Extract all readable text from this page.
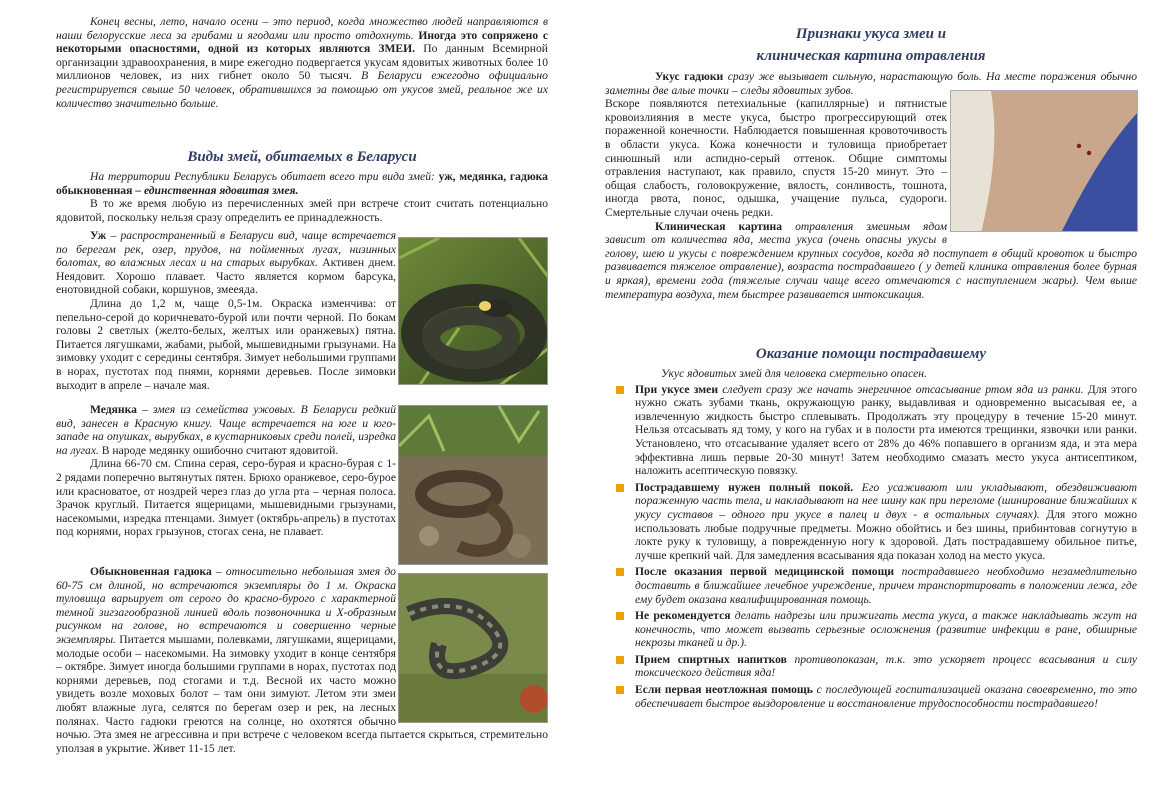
Конец весны, лето, начало осени – это период, когда множество людей направляются в наши белорусские леса за грибами и ягодами или просто отдохнуть. Иногда это сопряжено с некоторыми опасностями, одной из которых являются ЗМЕИ. По данным Всемирной организации здравоохранения, в мире ежегодно подвергается укусам ядовитых животных более 10 миллионов человек, из них гибнет около 50 тысяч. В Беларуси ежегодно официально регистрируется свыше 50 человек, обратившихся за помощью от укусов змей, реальное же их количество значительно больше.

Виды змей, обитаемых в Беларуси

На территории Республики Беларусь обитает всего три вида змей: уж, медянка, гадюка обыкновенная – единственная ядовитая змея.

В то же время любую из перечисленных змей при встрече стоит считать потенциально ядовитой, поскольку нельзя сразу определить ее принадлежность.

Уж – распространенный в Беларуси вид, чаще встречается по берегам рек, озер, прудов, на пойменных лугах, низинных болотах, во влажных лесах и на старых вырубках. Активен днем. Неядовит. Хорошо плавает. Часто является кормом барсука, енотовидной собаки, коршунов, змееяда.

Длина до 1,2 м, чаще 0,5-1м. Окраска изменчива: от пепельно-серой до коричневато-бурой или почти черной. По бокам головы 2 светлых (желто-белых, желтых или оранжевых) пятна. Питается лягушками, жабами, рыбой, мышевидными грызунами. На зимовку уходит с середины сентября. Зимует небольшими группами в норах, пустотах под пнями, корнями деревьев. После зимовки выходит в апреле – начале мая.

Медянка – змея из семейства ужовых. В Беларуси редкий вид, занесен в Красную книгу. Чаще встречается на юге и юго-западе на опушках, вырубках, в кустарниковых среди полей, изредка на лугах. В народе медянку ошибочно считают ядовитой.

Длина 66-70 см. Спина серая, серо-бурая и красно-бурая с 1-2 рядами поперечно вытянутых пятен. Брюхо оранжевое, серо-бурое или красноватое, от ноздрей через глаз до угла рта – черная полоса. Зрачок круглый. Питается ящерицами, мышевидными грызунами, насекомыми, изредка птенцами. Зимует (октябрь-апрель) в пустотах под корнями, норах грызунов, стогах сена, не плавает.

Обыкновенная гадюка – относительно небольшая змея до 60-75 см длиной, но встречаются экземпляры до 1 м. Окраска туловища варьирует от серого до красно-бурого с характерной темной зигзагообразной линией вдоль позвоночника и Х-образным рисунком на голове, но встречаются и совершенно черные экземпляры. Питается мышами, полевками, лягушками, ящерицами, молодые особи – насекомыми. На зимовку уходит в конце сентября – октябре. Зимует иногда большими группами в норах, пустотах под корнями деревьев, под стогами и т.д. Весной их часто можно увидеть возле моховых болот – там они зимуют. Летом эти змеи любят влажные луга, селятся по берегам озер и рек, на лесных полянах. Часто гадюки греются на солнце, но охотятся обычно ночью. Эта змея не агрессивна и при встрече с человеком всегда пытается скрыться, стремительно уползая в укрытие. Живет 11-15 лет.

Признаки укуса змеи и
клиническая картина отравления

Укус гадюки сразу же вызывает сильную, нарастающую боль. На месте поражения обычно заметны две алые точки – следы ядовитых зубов.

Вскоре появляются петехиальные (капиллярные) и пятнистые кровоизлияния в месте укуса, быстро прогрессирующий отек пораженной конечности. Наблюдается повышенная кровоточивость в области укуса. Кожа конечности и туловища приобретает синюшный или аспидно-серый оттенок. Общие симптомы отравления наступают, как правило, спустя 15-20 минут. Это – общая слабость, головокружение, вялость, сонливость, тошнота, иногда рвота, понос, одышка, учащение пульса, судороги. Смертельные случаи очень редки.

Клиническая картина отравления змеиным ядом зависит от количества яда, места укуса (очень опасны укусы в голову, шею и укусы с повреждением крупных сосудов, когда яд поступает в общий кровоток и быстро развивается тяжелое отравление), возраста пострадавшего ( у детей клиника отравления более бурная и яркая), времени года (тяжелые случаи чаще всего отмечаются с наступлением жары). Чем выше температура воздуха, тем быстрее развивается интоксикация.

Оказание помощи пострадавшему

Укус ядовитых змей для человека смертельно опасен.

При укусе змеи следует сразу же начать энергичное отсасывание ртом яда из ранки. Для этого нужно сжать зубами ткань, окружающую ранку, выдавливая и одновременно высасывая ее, а извлеченную жидкость быстро сплевывать. Продолжать эту процедуру в течение 15-20 минут. Нельзя отсасывать яд тому, у кого на губах и в полости рта имеются трещинки, язвочки или ранки. Установлено, что отсасывание удаляет всего от 28% до 46% попавшего в организм яда, и эта мера эффективна лишь первые 20-30 минут! Затем необходимо смазать место укуса антисептиком, наложить асептическую повязку.
Пострадавшему нужен полный покой. Его усаживают или укладывают, обездвиживают пораженную часть тела, и накладывают на нее шину как при переломе (шинирование ближайших к укусу суставов – одного при укусе в палец и двух - в остальных случаях). Для этого можно использовать любые подручные предметы. Можно обойтись и без шины, прибинтовав согнутую в локте руку к туловищу, а поврежденную ногу к здоровой. Дать пострадавшему обильное питье, лучше крепкий чай. Для замедления всасывания яда показан холод на место укуса.
После оказания первой медицинской помощи пострадавшего необходимо незамедлительно доставить в ближайшее лечебное учреждение, причем транспортировать в положении лежа, где ему будет оказана квалифицированная помощь.
Не рекомендуется делать надрезы или прижигать места укуса, а также накладывать жгут на конечность, что может вызвать серьезные осложнения (развитие инфекции в ране, обширные некрозы тканей и др.).
Прием спиртных напитков противопоказан, т.к. это ускоряет процесс всасывания и силу токсического действия яда!
Если первая неотложная помощь с последующей госпитализацией оказана своевременно, то это обеспечивает быстрое выздоровление и восстановление трудоспособности пострадавшего!
